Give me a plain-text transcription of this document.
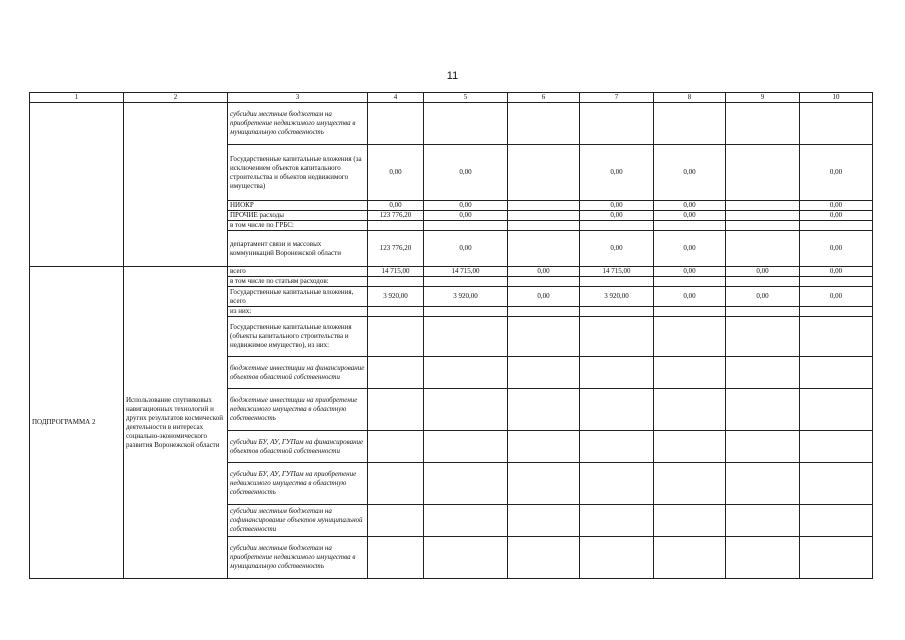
11
1	2	3	4	5	6	7	8	9	10
		субсидии местным бюджетам на приобретение недвижимого имущества в муниципальную собственность							
		Государственные капитальные вложения (за исключением объектов капитального строительства и объектов недвижимого имущества)	0,00	0,00		0,00	0,00		0,00
		НИОКР	0,00	0,00		0,00	0,00		0,00
		ПРОЧИЕ расходы	123 776,20	0,00		0,00	0,00		0,00
		в том числе по ГРБС:							
		департамент связи и массовых коммуникаций Воронежской области	123 776,20	0,00		0,00	0,00		0,00
ПОДПРОГРАММА 2	Использование спутниковых навигационных технологий и других результатов космической деятельности в интересах социально-экономического развития Воронежской области	всего	14 715,00	14 715,00	0,00	14 715,00	0,00	0,00	0,00
		в том числе по статьям расходов:							
		Государственные капитальные вложения, всего	3 920,00	3 920,00	0,00	3 920,00	0,00	0,00	0,00
		из них:							
		Государственные капитальные вложения (объекты капитального строительства и недвижимое имущество), из них:							
		бюджетные инвестиции на финансирование объектов областной собственности							
		бюджетные инвестиции на приобретение недвижимого имущества в областную собственность							
		субсидии БУ, АУ, ГУПам на финансирование объектов областной собственности							
		субсидии БУ, АУ, ГУПам на приобретение недвижимого имущества в областную собственность							
		субсидии местным бюджетам на софинансирование объектов муниципальной собственности							
		субсидии местным бюджетам на приобретение недвижимого имущества в муниципальную собственность							
